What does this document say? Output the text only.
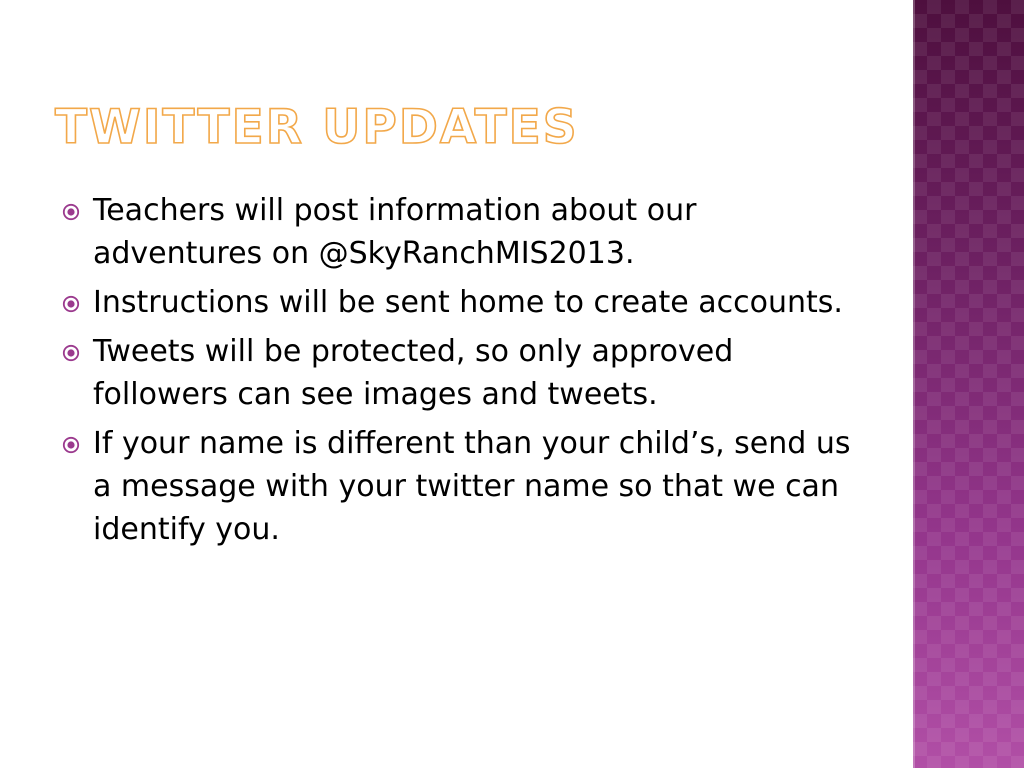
TWITTER UPDATES
Teachers will post information about our adventures on @SkyRanchMIS2013.
Instructions will be sent home to create accounts.
Tweets will be protected, so only approved followers can see images and tweets.
If your name is different than your child’s, send us a message with your twitter name so that we can identify you.
